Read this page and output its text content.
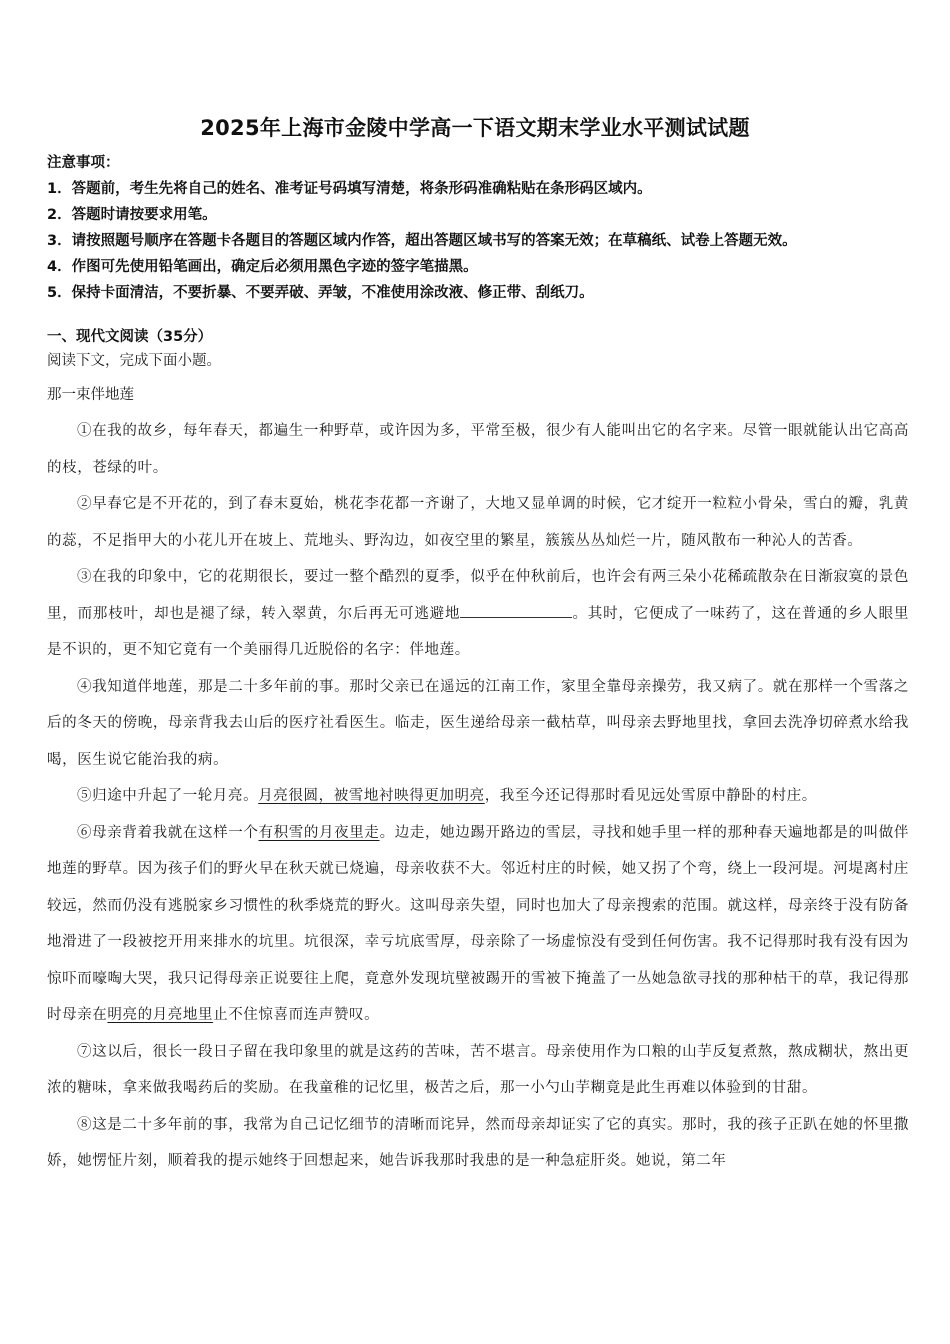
2025年上海市金陵中学高一下语文期末学业水平测试试题
注意事项：
1．答题前，考生先将自己的姓名、准考证号码填写清楚，将条形码准确粘贴在条形码区域内。
2．答题时请按要求用笔。
3．请按照题号顺序在答题卡各题目的答题区域内作答，超出答题区域书写的答案无效；在草稿纸、试卷上答题无效。
4．作图可先使用铅笔画出，确定后必须用黑色字迹的签字笔描黑。
5．保持卡面清洁，不要折暴、不要弄破、弄皱，不准使用涂改液、修正带、刮纸刀。
一、现代文阅读（35分）
阅读下文，完成下面小题。
那一束伴地莲

①在我的故乡，每年春天，都遍生一种野草，或许因为多，平常至极，很少有人能叫出它的名字来。尽管一眼就能认出它高高的枝，苍绿的叶。

②早春它是不开花的，到了春末夏始，桃花李花都一齐谢了，大地又显单调的时候，它才绽开一粒粒小骨朵，雪白的瓣，乳黄的蕊，不足指甲大的小花儿开在坡上、荒地头、野沟边，如夜空里的繁星，簇簇丛丛灿烂一片，随风散布一种沁人的苦香。

③在我的印象中，它的花期很长，要过一整个酷烈的夏季，似乎在仲秋前后，也许会有两三朵小花稀疏散杂在日渐寂寞的景色里，而那枝叶，却也是褪了绿，转入翠黄，尔后再无可逃避地	。其时，它便成了一味药了，这在普通的乡人眼里是不识的，更不知它竟有一个美丽得几近脱俗的名字：伴地莲。

④我知道伴地莲，那是二十多年前的事。那时父亲已在遥远的江南工作，家里全靠母亲操劳，我又病了。就在那样一个雪落之后的冬天的傍晚，母亲背我去山后的医疗社看医生。临走，医生递给母亲一截枯草，叫母亲去野地里找，拿回去洗净切碎煮水给我喝，医生说它能治我的病。

⑤归途中升起了一轮月亮。月亮很圆，被雪地衬映得更加明亮，我至今还记得那时看见远处雪原中静卧的村庄。

⑥母亲背着我就在这样一个有积雪的月夜里走。边走，她边踢开路边的雪层，寻找和她手里一样的那种春天遍地都是的叫做伴地莲的野草。因为孩子们的野火早在秋天就已烧遍，母亲收获不大。邻近村庄的时候，她又拐了个弯，绕上一段河堤。河堤离村庄较远，然而仍没有逃脱家乡习惯性的秋季烧荒的野火。这叫母亲失望，同时也加大了母亲搜索的范围。就这样，母亲终于没有防备地滑进了一段被挖开用来排水的坑里。坑很深，幸亏坑底雪厚，母亲除了一场虚惊没有受到任何伤害。我不记得那时我有没有因为惊吓而嚎啕大哭，我只记得母亲正说要往上爬，竟意外发现坑壁被踢开的雪被下掩盖了一丛她急欲寻找的那种枯干的草，我记得那时母亲在明亮的月亮地里止不住惊喜而连声赞叹。

⑦这以后，很长一段日子留在我印象里的就是这药的苦味，苦不堪言。母亲使用作为口粮的山芋反复煮熬，熬成糊状，熬出更浓的糖味，拿来做我喝药后的奖励。在我童稚的记忆里，极苦之后，那一小勺山芋糊竟是此生再难以体验到的甘甜。

⑧这是二十多年前的事，我常为自己记忆细节的清晰而诧异，然而母亲却证实了它的真实。那时，我的孩子正趴在她的怀里撒娇，她愣怔片刻，顺着我的提示她终于回想起来，她告诉我那时我患的是一种急症肝炎。她说，第二年
